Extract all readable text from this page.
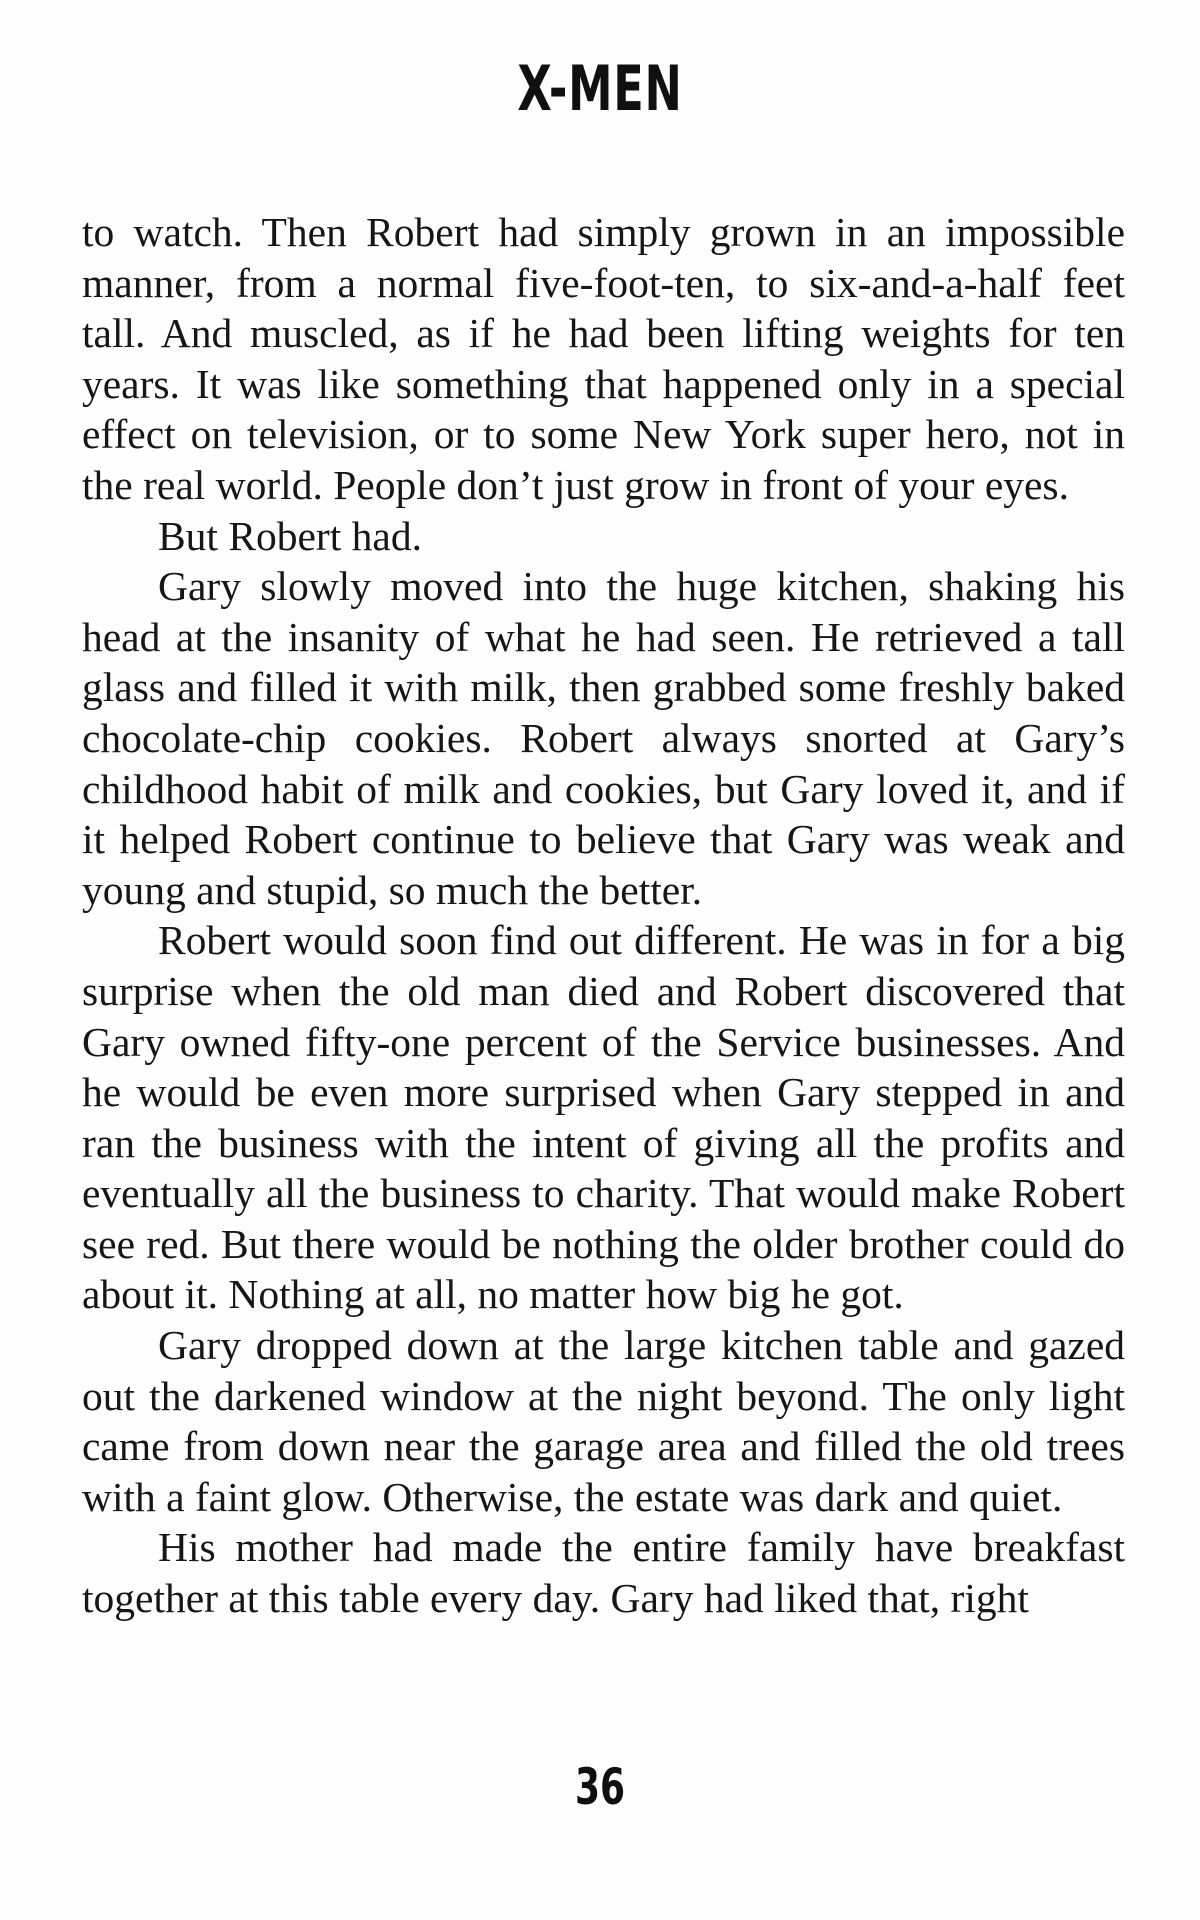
X-MEN

to watch. Then Robert had simply grown in an impossible manner, from a normal five-foot-ten, to six-and-a-half feet tall. And muscled, as if he had been lifting weights for ten years. It was like something that happened only in a special effect on television, or to some New York super hero, not in the real world. People don’t just grow in front of your eyes.

But Robert had.

Gary slowly moved into the huge kitchen, shaking his head at the insanity of what he had seen. He retrieved a tall glass and filled it with milk, then grabbed some freshly baked chocolate-chip cookies. Robert always snorted at Gary’s childhood habit of milk and cookies, but Gary loved it, and if it helped Robert continue to believe that Gary was weak and young and stupid, so much the better.

Robert would soon find out different. He was in for a big surprise when the old man died and Robert discovered that Gary owned fifty-one percent of the Service businesses. And he would be even more surprised when Gary stepped in and ran the business with the intent of giving all the profits and eventually all the business to charity. That would make Robert see red. But there would be nothing the older brother could do about it. Nothing at all, no matter how big he got.

Gary dropped down at the large kitchen table and gazed out the darkened window at the night beyond. The only light came from down near the garage area and filled the old trees with a faint glow. Otherwise, the estate was dark and quiet.

His mother had made the entire family have breakfast together at this table every day. Gary had liked that, right

36
